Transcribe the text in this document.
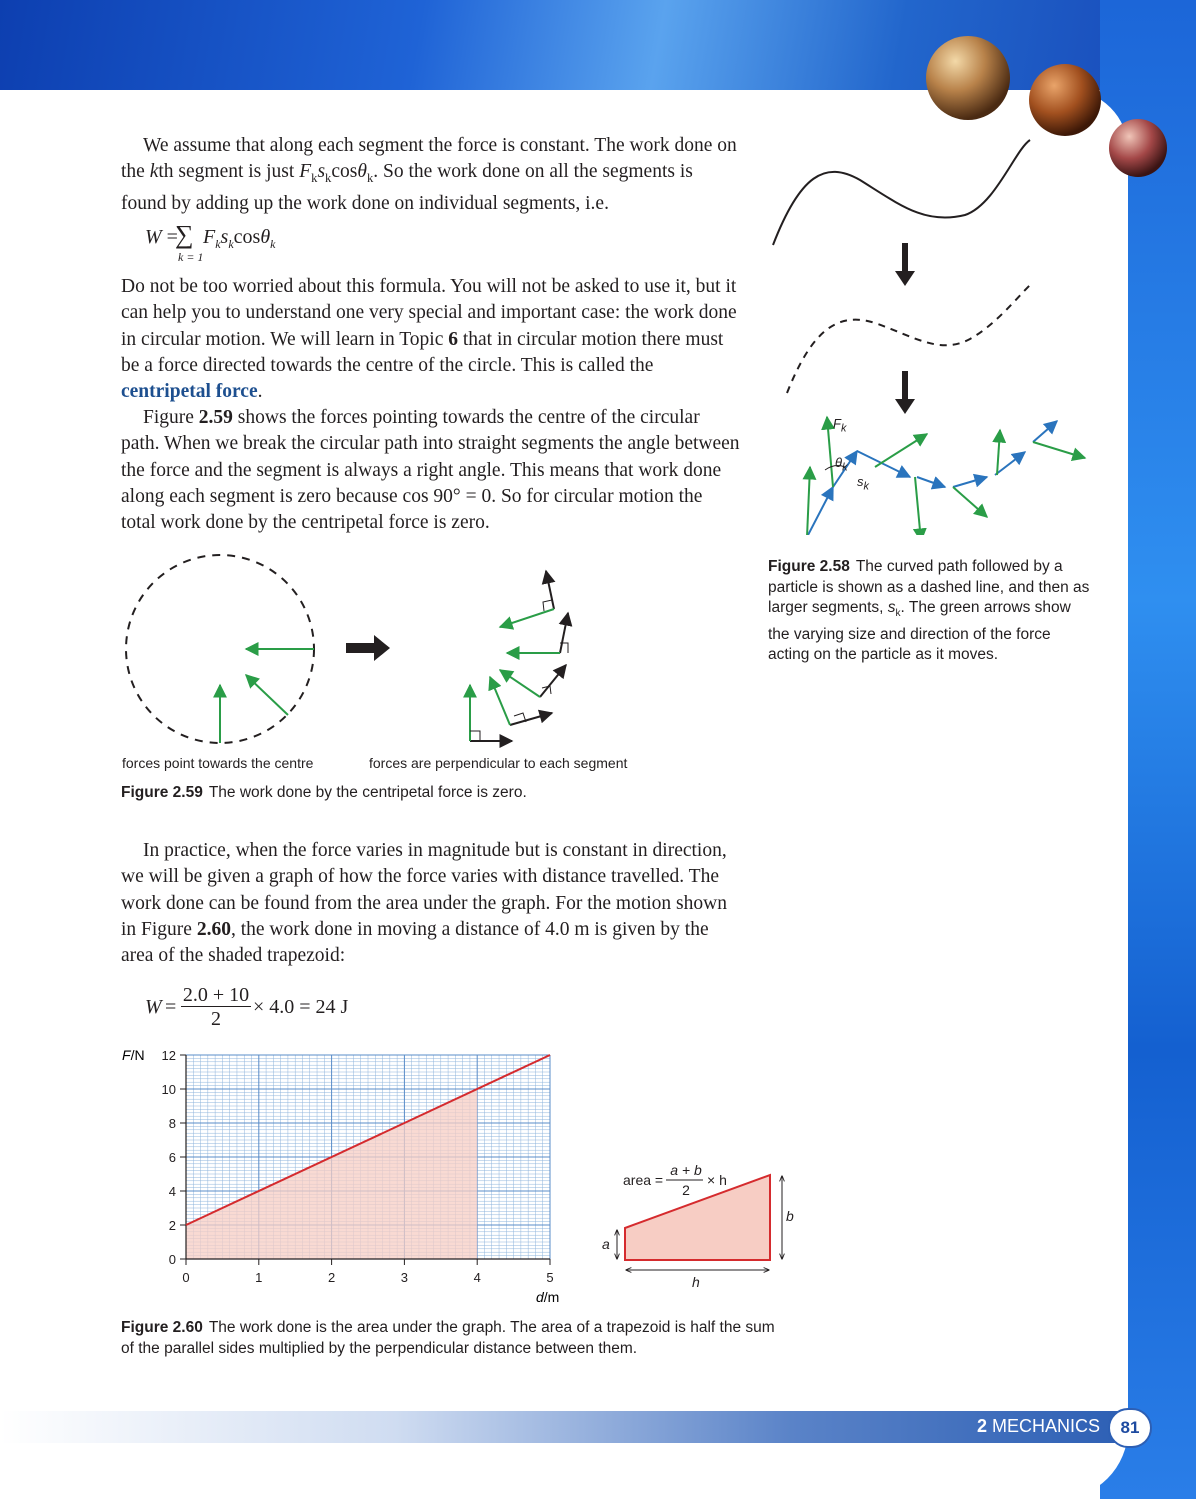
We assume that along each segment the force is constant. The work done on the kth segment is just $F_ks_k\cos\theta_k$. So the work done on all the segments is found by adding up the work done on individual segments, i.e.

W =
∑
k = 1
$F_ks_k\cos\theta_k$

Do not be too worried about this formula. You will not be asked to use it, but it can help you to understand one very special and important case: the work done in circular motion. We will learn in Topic 6 that in circular motion there must be a force directed towards the centre of the circle. This is called the centripetal force.

Figure 2.59 shows the forces pointing towards the centre of the circular path. When we break the circular path into straight segments the angle between the force and the segment is always a right angle. This means that work done along each segment is zero because cos 90° = 0. So for circular motion the total work done by the centripetal force is zero.

$F_k$
$\theta_k$
$s_k$
Figure 2.58 The curved path followed by a particle is shown as a dashed line, and then as larger segments, $s_k$. The green arrows show the varying size and direction of the force acting on the particle as it moves.
forces point towards the centre	forces are perpendicular to each segment
Figure 2.59 The work done by the centripetal force is zero.

In practice, when the force varies in magnitude but is constant in direction, we will be given a graph of how the force varies with distance travelled. The work done can be found from the area under the graph. For the motion shown in Figure 2.60, the work done in moving a distance of 4.0 m is given by the area of the shaded trapezoid:

W =
2.0 + 10
2
× 4.0 = 24 J
0	1	2	3	4	5
0
2
4
6
8
10
12
F/N
d/m
area =
a + b
2
× h
a
b
h
Figure 2.60 The work done is the area under the graph. The area of a trapezoid is half the sum of the parallel sides multiplied by the perpendicular distance between them.
2 MECHANICS	81
